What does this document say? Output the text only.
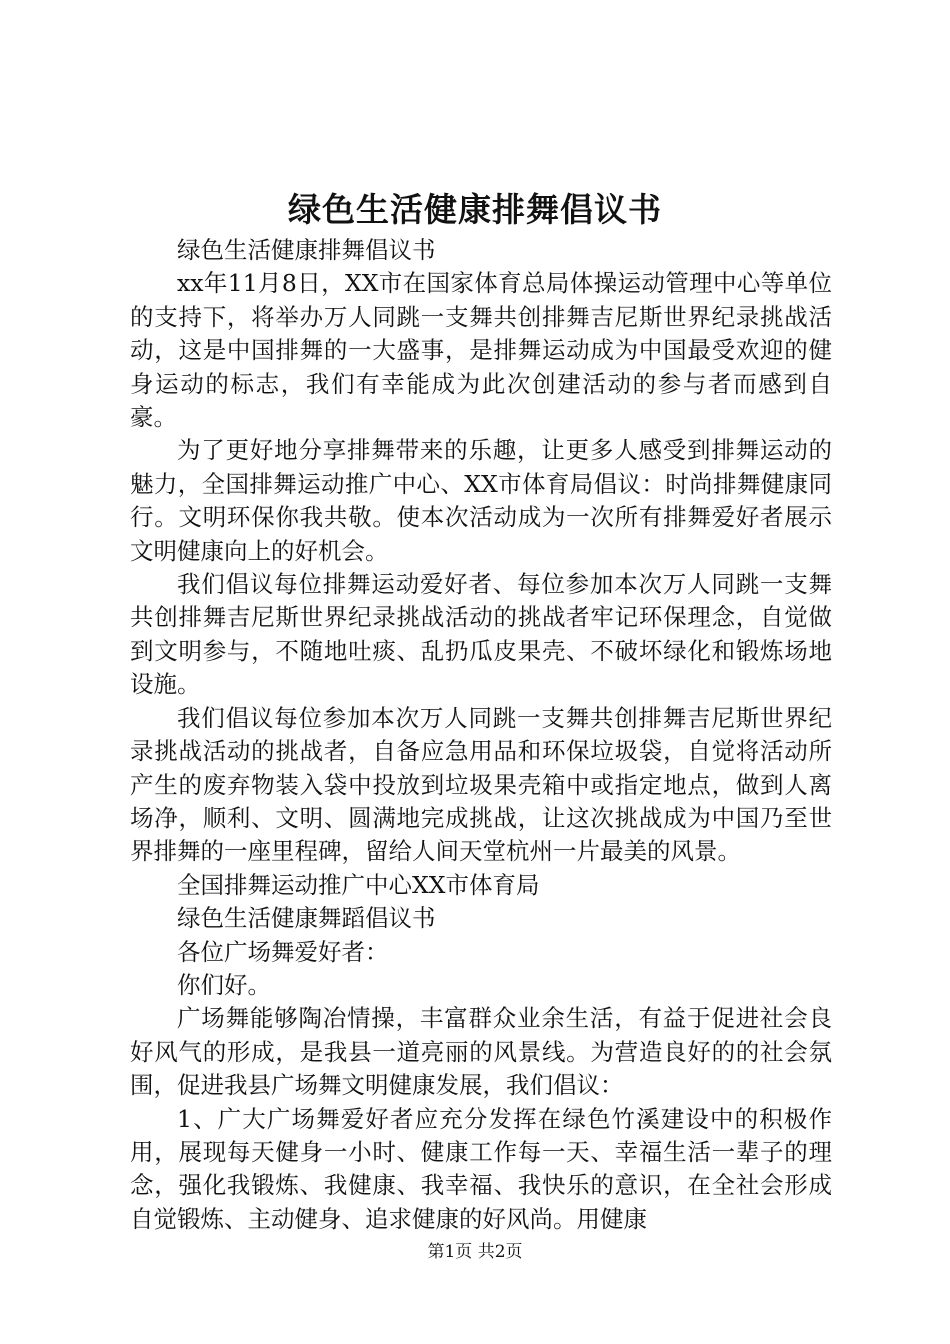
绿色生活健康排舞倡议书

绿色生活健康排舞倡议书

xx年11月8日，XX市在国家体育总局体操运动管理中心等单位的支持下，将举办万人同跳一支舞共创排舞吉尼斯世界纪录挑战活动，这是中国排舞的一大盛事，是排舞运动成为中国最受欢迎的健身运动的标志，我们有幸能成为此次创建活动的参与者而感到自豪。

为了更好地分享排舞带来的乐趣，让更多人感受到排舞运动的魅力，全国排舞运动推广中心、XX市体育局倡议：时尚排舞健康同行。文明环保你我共敬。使本次活动成为一次所有排舞爱好者展示文明健康向上的好机会。

我们倡议每位排舞运动爱好者、每位参加本次万人同跳一支舞共创排舞吉尼斯世界纪录挑战活动的挑战者牢记环保理念，自觉做到文明参与，不随地吐痰、乱扔瓜皮果壳、不破坏绿化和锻炼场地设施。

我们倡议每位参加本次万人同跳一支舞共创排舞吉尼斯世界纪录挑战活动的挑战者，自备应急用品和环保垃圾袋，自觉将活动所产生的废弃物装入袋中投放到垃圾果壳箱中或指定地点，做到人离场净，顺利、文明、圆满地完成挑战，让这次挑战成为中国乃至世界排舞的一座里程碑，留给人间天堂杭州一片最美的风景。

全国排舞运动推广中心XX市体育局

绿色生活健康舞蹈倡议书

各位广场舞爱好者：

你们好。

广场舞能够陶冶情操，丰富群众业余生活，有益于促进社会良好风气的形成，是我县一道亮丽的风景线。为营造良好的的社会氛围，促进我县广场舞文明健康发展，我们倡议：

1、广大广场舞爱好者应充分发挥在绿色竹溪建设中的积极作用，展现每天健身一小时、健康工作每一天、幸福生活一辈子的理念，强化我锻炼、我健康、我幸福、我快乐的意识，在全社会形成自觉锻炼、主动健身、追求健康的好风尚。用健康

第1页 共2页
